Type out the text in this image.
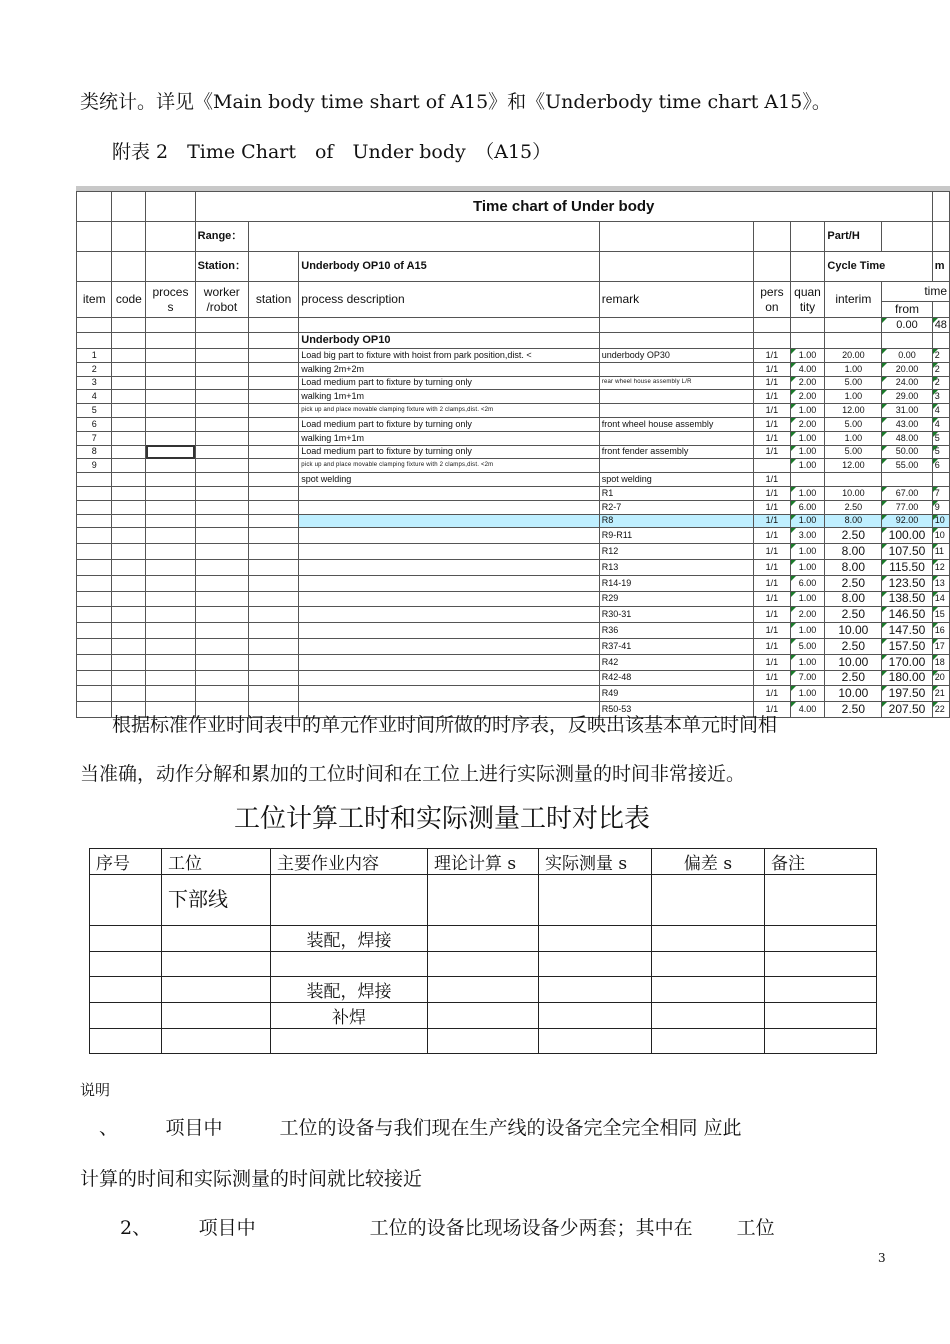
类统计。详见《Main body time shart of A15》和《Underbody time chart A15》。
附表 2　Time Chart　of　Under body　（A15）
			Time chart of Under body								
			Range：						Part/H		
			Station：		Underbody OP10 of A15				Cycle Time		m
item	code	proces s	worker /robot	station	process description	remark	pers on	quan tity	interim	time	
										from	
										0.00	48
					Underbody OP10						
1					Load big part to fixture with hoist from park position,dist. <	underbody OP30	1/1	1.00	20.00	0.00	2
2					walking 2m+2m		1/1	4.00	1.00	20.00	2
3					Load medium part to fixture by turning only	rear wheel house assembly L/R	1/1	2.00	5.00	24.00	2
4					walking 1m+1m		1/1	2.00	1.00	29.00	3
5					pick up and place movable clamping fixture with 2 clamps,dist. <2m		1/1	1.00	12.00	31.00	4
6					Load medium part to fixture by turning only	front wheel house assembly	1/1	2.00	5.00	43.00	4
7					walking 1m+1m		1/1	1.00	1.00	48.00	5
8					Load medium part to fixture by turning only	front fender assembly	1/1	1.00	5.00	50.00	5
9					pick up and place movable clamping fixture with 2 clamps,dist. <2m			1.00	12.00	55.00	6
					spot welding	spot welding	1/1				
						R1	1/1	1.00	10.00	67.00	7
						R2-7	1/1	6.00	2.50	77.00	9
						R8	1/1	1.00	8.00	92.00	10
						R9-R11	1/1	3.00	2.50	100.00	10
						R12	1/1	1.00	8.00	107.50	11
						R13	1/1	1.00	8.00	115.50	12
						R14-19	1/1	6.00	2.50	123.50	13
						R29	1/1	1.00	8.00	138.50	14
						R30-31	1/1	2.00	2.50	146.50	15
						R36	1/1	1.00	10.00	147.50	16
						R37-41	1/1	5.00	2.50	157.50	17
						R42	1/1	1.00	10.00	170.00	18
						R42-48	1/1	7.00	2.50	180.00	20
						R49	1/1	1.00	10.00	197.50	21
						R50-53	1/1	4.00	2.50	207.50	22
根据标准作业时间表中的单元作业时间所做的时序表，反映出该基本单元时间相
当准确，动作分解和累加的工位时间和在工位上进行实际测量的时间非常接近。
工位计算工时和实际测量工时对比表
序号	工位	主要作业内容	理论计算 s	实际测量 s	偏差 s	备注
	下部线					
		装配，焊接				

		装配，焊接				
		补焊				

说明
　、　　　项目中　　　工位的设备与我们现在生产线的设备完全完全相同 应此
计算的时间和实际测量的时间就比较接近
2、　　　项目中　　　　　　工位的设备比现场设备少两套；其中在　　 工位
3
